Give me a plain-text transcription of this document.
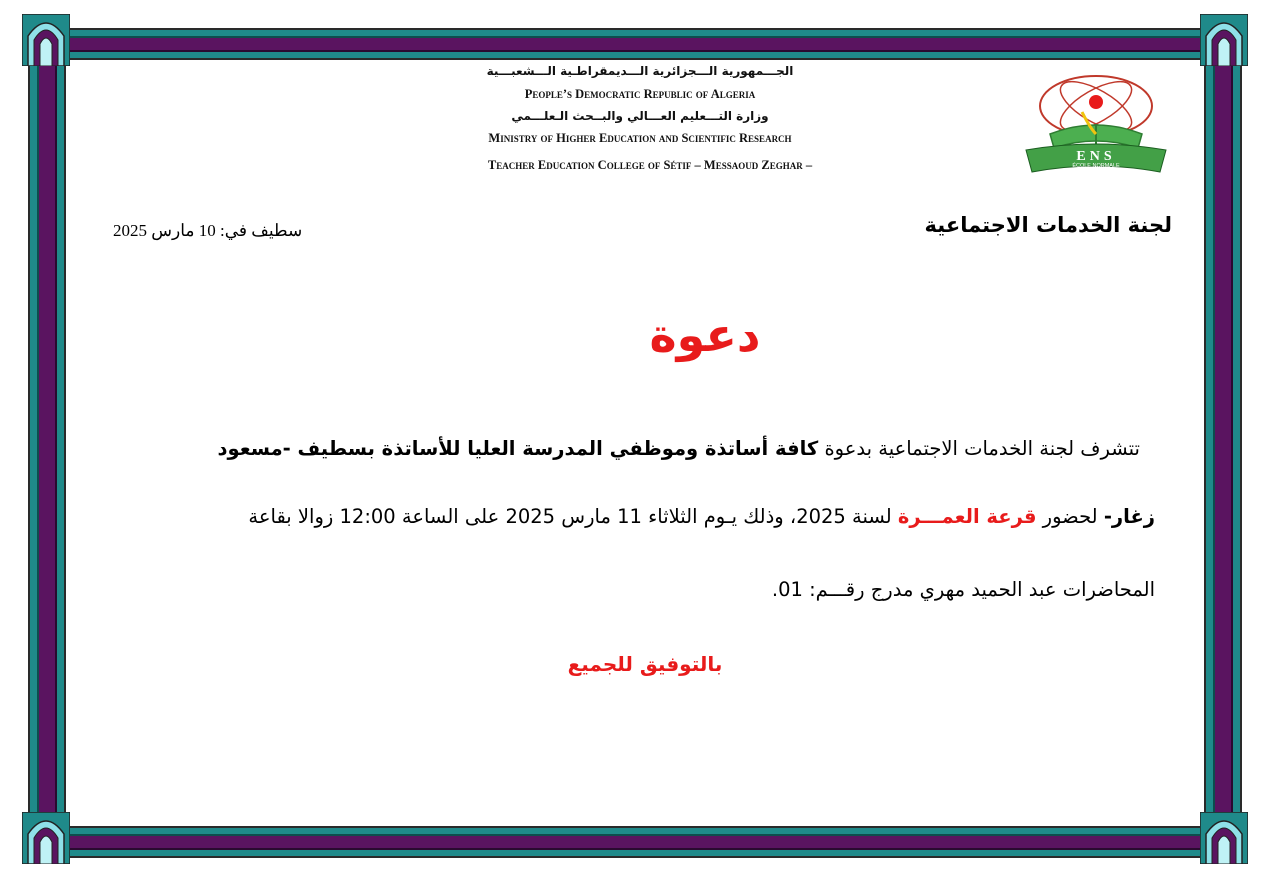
الجـــمهورية الـــجزائرية الـــديمقراطـية الـــشعبـــية
People’s Democratic Republic of Algeria
وزارة التـــعليم العـــالي والبــحث الـعلـــمي
Ministry of Higher Education and Scientific Research
Teacher Education College of Sétif – Messaoud Zeghar –
ENS
ÉCOLE NORMALE
SUPÉRIEURE - SÉTIF
لجنة الخدمات الاجتماعية
سطيف في: 10 مارس 2025
دعوة
تتشرف لجنة الخدمات الاجتماعية بدعوة كافة أساتذة وموظفي المدرسة العليا للأساتذة بسطيف -مسعود
زغار- لحضور قرعة العمـــرة لسنة 2025، وذلك يـوم الثلاثاء 11 مارس 2025 على الساعة 12:00 زوالا بقاعة
المحاضرات عبد الحميد مهري مدرج رقـــم: 01.
بالتوفيق للجميع
